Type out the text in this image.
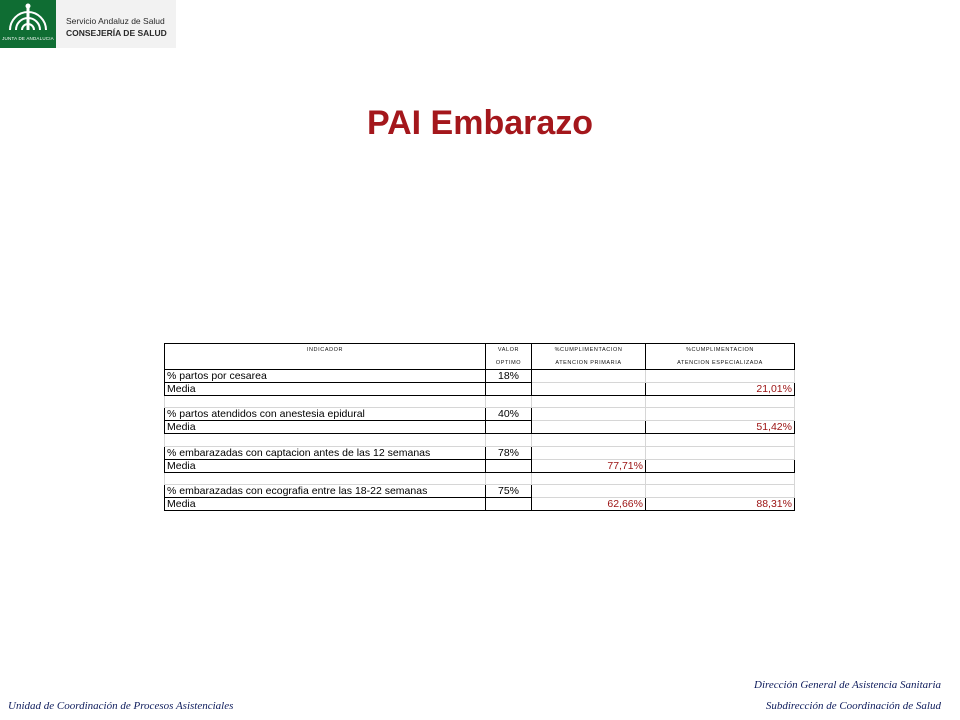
JUNTA DE ANDALUCIA
Servicio Andaluz de Salud
CONSEJERÍA DE SALUD
PAI Embarazo
INDICADOR	VALOR	%CUMPLIMENTACION	%CUMPLIMENTACION
	OPTIMO	ATENCION PRIMARIA	ATENCION ESPECIALIZADA
% partos por cesarea	18%		
Media			21,01%

% partos atendidos con anestesia epidural	40%		
Media			51,42%

% embarazadas con captacion antes de las 12 semanas	78%		
Media		77,71%	

% embarazadas con ecografia entre las 18-22 semanas	75%		
Media		62,66%	88,31%
Unidad de Coordinación de Procesos Asistenciales
Dirección General de Asistencia Sanitaria
Subdirección de Coordinación de Salud
